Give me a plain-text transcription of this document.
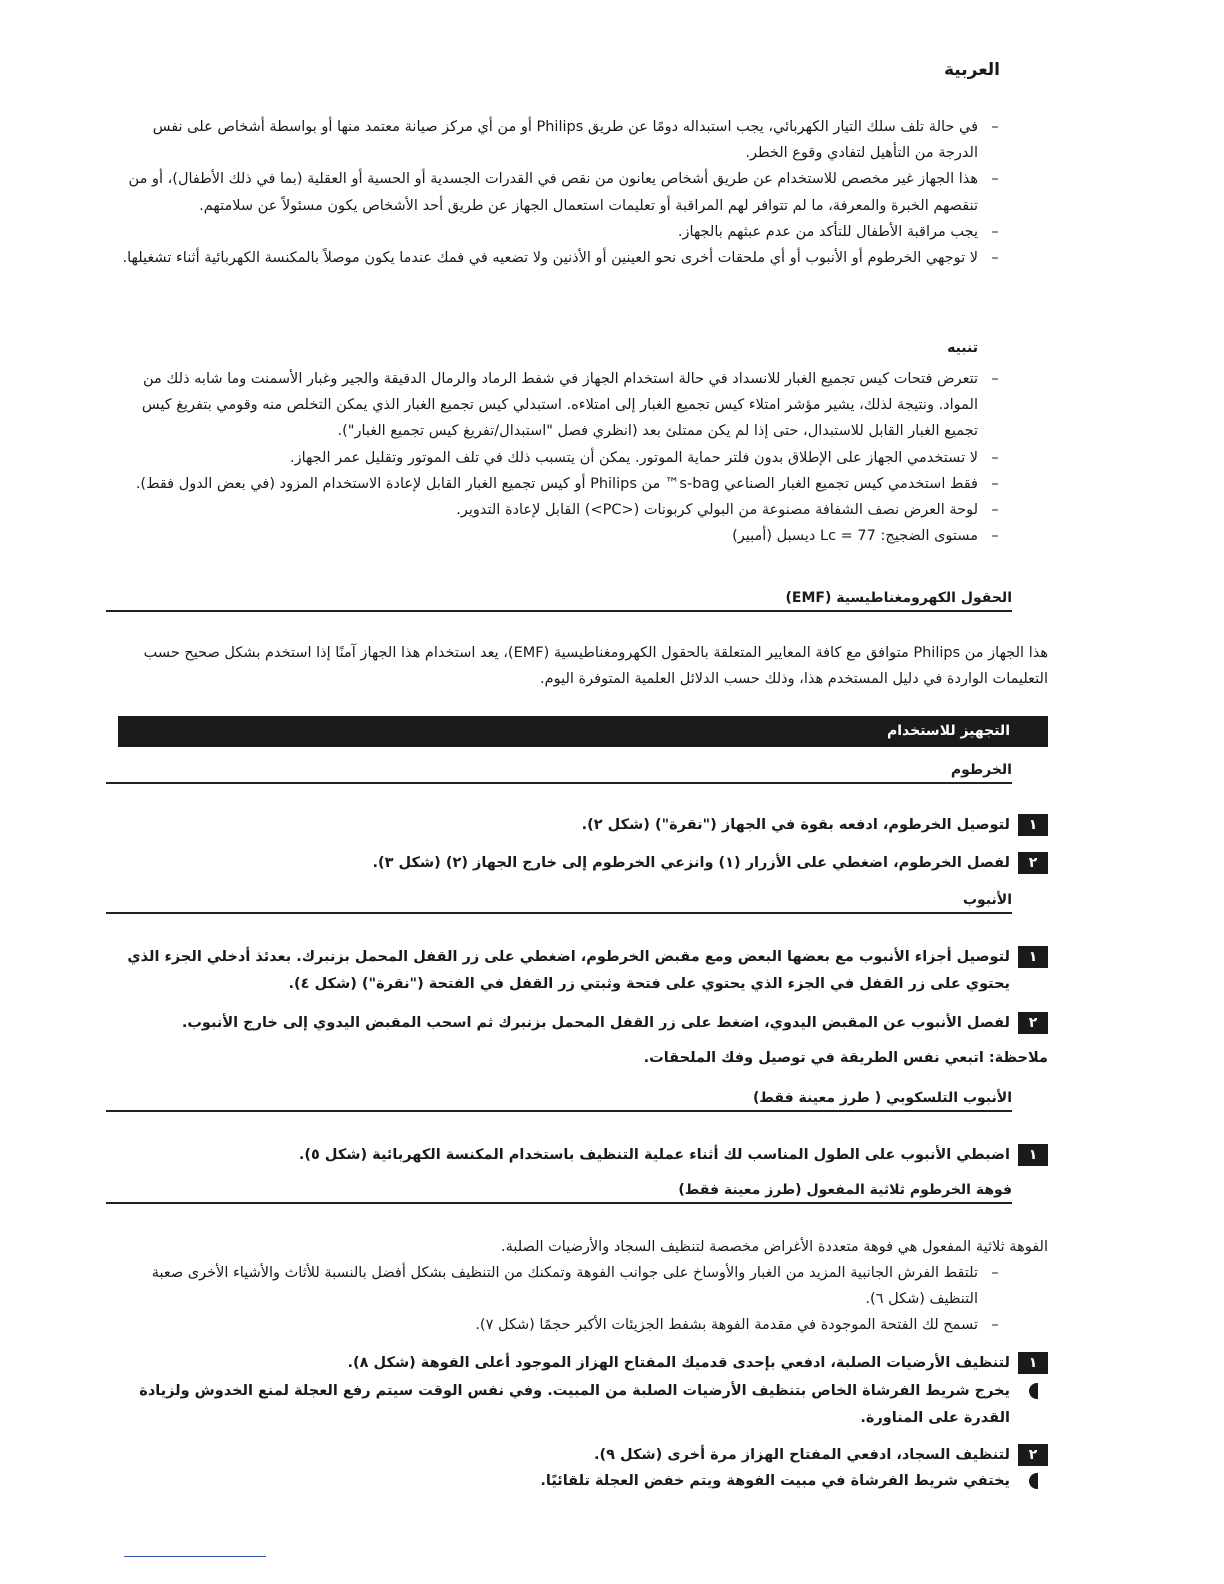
العربية
–
في حالة تلف سلك التيار الكهربائي، يجب استبداله دومًا عن طريق Philips أو من أي مركز صيانة معتمد منها أو بواسطة أشخاص على نفس الدرجة من التأهيل لتفادي وقوع الخطر.
–
هذا الجهاز غير مخصص للاستخدام عن طريق أشخاص يعانون من نقص في القدرات الجسدية أو الحسية أو العقلية (بما في ذلك الأطفال)، أو من تنقصهم الخبرة والمعرفة، ما لم تتوافر لهم المراقبة أو تعليمات استعمال الجهاز عن طريق أحد الأشخاص يكون مسئولاً عن سلامتهم.
–
يجب مراقبة الأطفال للتأكد من عدم عبثهم بالجهاز.
–
لا توجهي الخرطوم أو الأنبوب أو أي ملحقات أخرى نحو العينين أو الأذنين ولا تضعيه في فمك عندما يكون موصلاً بالمكنسة الكهربائية أثناء تشغيلها.
تنبيه
–
تتعرض فتحات كيس تجميع الغبار للانسداد في حالة استخدام الجهاز في شفط الرماد والرمال الدقيقة والجير وغبار الأسمنت وما شابه ذلك من المواد. ونتيجة لذلك، يشير مؤشر امتلاء كيس تجميع الغبار إلى امتلاءه. استبدلي كيس تجميع الغبار الذي يمكن التخلص منه وقومي بتفريغ كيس تجميع الغبار القابل للاستبدال، حتى إذا لم يكن ممتلئ بعد (انظري فصل "استبدال/تفريغ كيس تجميع الغبار").
–
لا تستخدمي الجهاز على الإطلاق بدون فلتر حماية الموتور. يمكن أن يتسبب ذلك في تلف الموتور وتقليل عمر الجهاز.
–
فقط استخدمي كيس تجميع الغبار الصناعي s-bag™ من Philips أو كيس تجميع الغبار القابل لإعادة الاستخدام المزود (في بعض الدول فقط).
–
لوحة العرض نصف الشفافة مصنوعة من البولي كربونات (<PC>) القابل لإعادة التدوير.
–
مستوى الضجيج: Lc = 77 ديسبل (أمبير)
الحقول الكهرومغناطيسية (EMF)
هذا الجهاز من Philips متوافق مع كافة المعايير المتعلقة بالحقول الكهرومغناطيسية (EMF)، يعد استخدام هذا الجهاز آمنًا إذا استخدم بشكل صحيح حسب التعليمات الواردة في دليل المستخدم هذا، وذلك حسب الدلائل العلمية المتوفرة اليوم.
التجهيز للاستخدام
الخرطوم
١
لتوصيل الخرطوم، ادفعه بقوة في الجهاز ("نقرة") (شكل ٢).
٢
لفصل الخرطوم، اضغطي على الأزرار (١) وانزعي الخرطوم إلى خارج الجهاز (٢) (شكل ٣).
الأنبوب
١
لتوصيل أجزاء الأنبوب مع بعضها البعض ومع مقبض الخرطوم، اضغطي على زر القفل المحمل بزنبرك. بعدئذ أدخلي الجزء الذي يحتوي على زر القفل في الجزء الذي يحتوي على فتحة وثبتي زر القفل في الفتحة ("نقرة") (شكل ٤).
٢
لفصل الأنبوب عن المقبض اليدوي، اضغط على زر القفل المحمل بزنبرك ثم اسحب المقبض اليدوي إلى خارج الأنبوب.
ملاحظة: اتبعي نفس الطريقة في توصيل وفك الملحقات.
الأنبوب التلسكوبي ( طرز معينة فقط)
١
اضبطي الأنبوب على الطول المناسب لك أثناء عملية التنظيف باستخدام المكنسة الكهربائية (شكل ٥).
فوهة الخرطوم ثلاثية المفعول (طرز معينة فقط)
الفوهة ثلاثية المفعول هي فوهة متعددة الأغراض مخصصة لتنظيف السجاد والأرضيات الصلبة.
–
تلتقط الفرش الجانبية المزيد من الغبار والأوساخ على جوانب الفوهة وتمكنك من التنظيف بشكل أفضل بالنسبة للأثاث والأشياء الأخرى صعبة التنظيف (شكل ٦).
–
تسمح لك الفتحة الموجودة في مقدمة الفوهة بشفط الجزيئات الأكبر حجمًا (شكل ٧).
١
لتنظيف الأرضيات الصلبة، ادفعي بإحدى قدميك المفتاح الهزاز الموجود أعلى الفوهة (شكل ٨).
يخرج شريط الفرشاة الخاص بتنظيف الأرضيات الصلبة من المبيت. وفي نفس الوقت سيتم رفع العجلة لمنع الخدوش ولزيادة القدرة على المناورة.
٢
لتنظيف السجاد، ادفعي المفتاح الهزاز مرة أخرى (شكل ٩).
يختفي شريط الفرشاة في مبيت الفوهة ويتم خفض العجلة تلقائيًا.
